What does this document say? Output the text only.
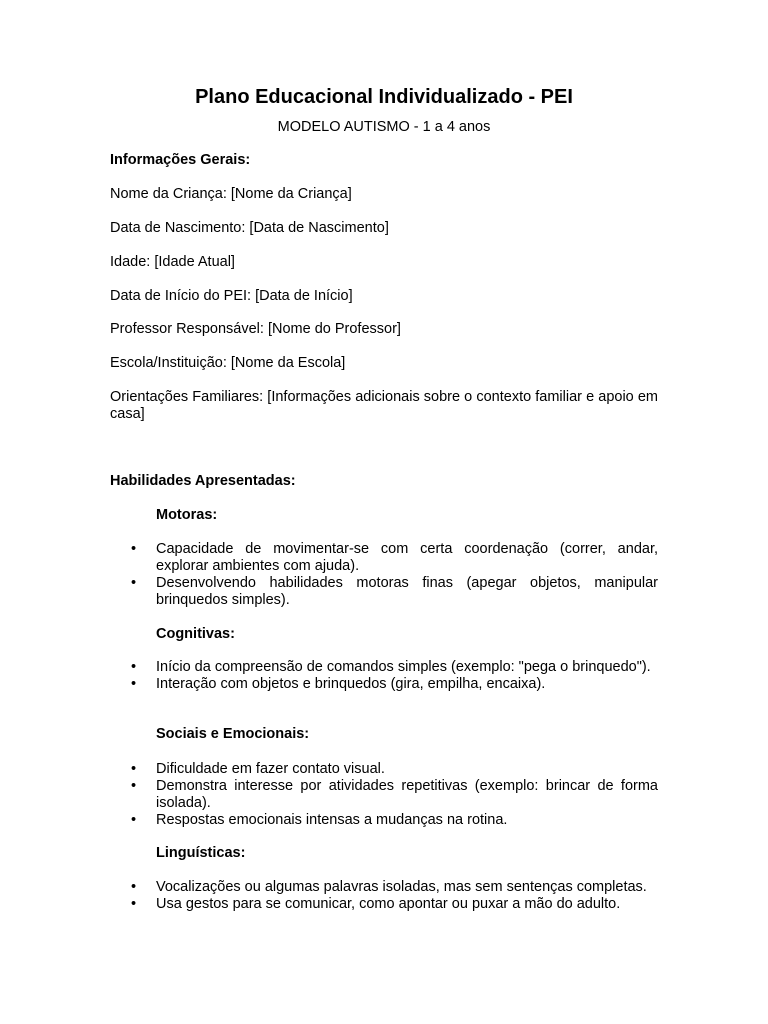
Plano Educacional Individualizado - PEI
MODELO AUTISMO - 1 a 4 anos
Informações Gerais:
Nome da Criança: [Nome da Criança]
Data de Nascimento: [Data de Nascimento]
Idade: [Idade Atual]
Data de Início do PEI: [Data de Início]
Professor Responsável: [Nome do Professor]
Escola/Instituição: [Nome da Escola]
Orientações Familiares: [Informações adicionais sobre o contexto familiar e apoio em casa]
Habilidades Apresentadas:
Motoras:
• Capacidade de movimentar-se com certa coordenação (correr, andar, explorar ambientes com ajuda).
• Desenvolvendo habilidades motoras finas (apegar objetos, manipular brinquedos simples).
Cognitivas:
• Início da compreensão de comandos simples (exemplo: "pega o brinquedo").
• Interação com objetos e brinquedos (gira, empilha, encaixa).
Sociais e Emocionais:
• Dificuldade em fazer contato visual.
• Demonstra interesse por atividades repetitivas (exemplo: brincar de forma isolada).
• Respostas emocionais intensas a mudanças na rotina.
Linguísticas:
• Vocalizações ou algumas palavras isoladas, mas sem sentenças completas.
• Usa gestos para se comunicar, como apontar ou puxar a mão do adulto.
